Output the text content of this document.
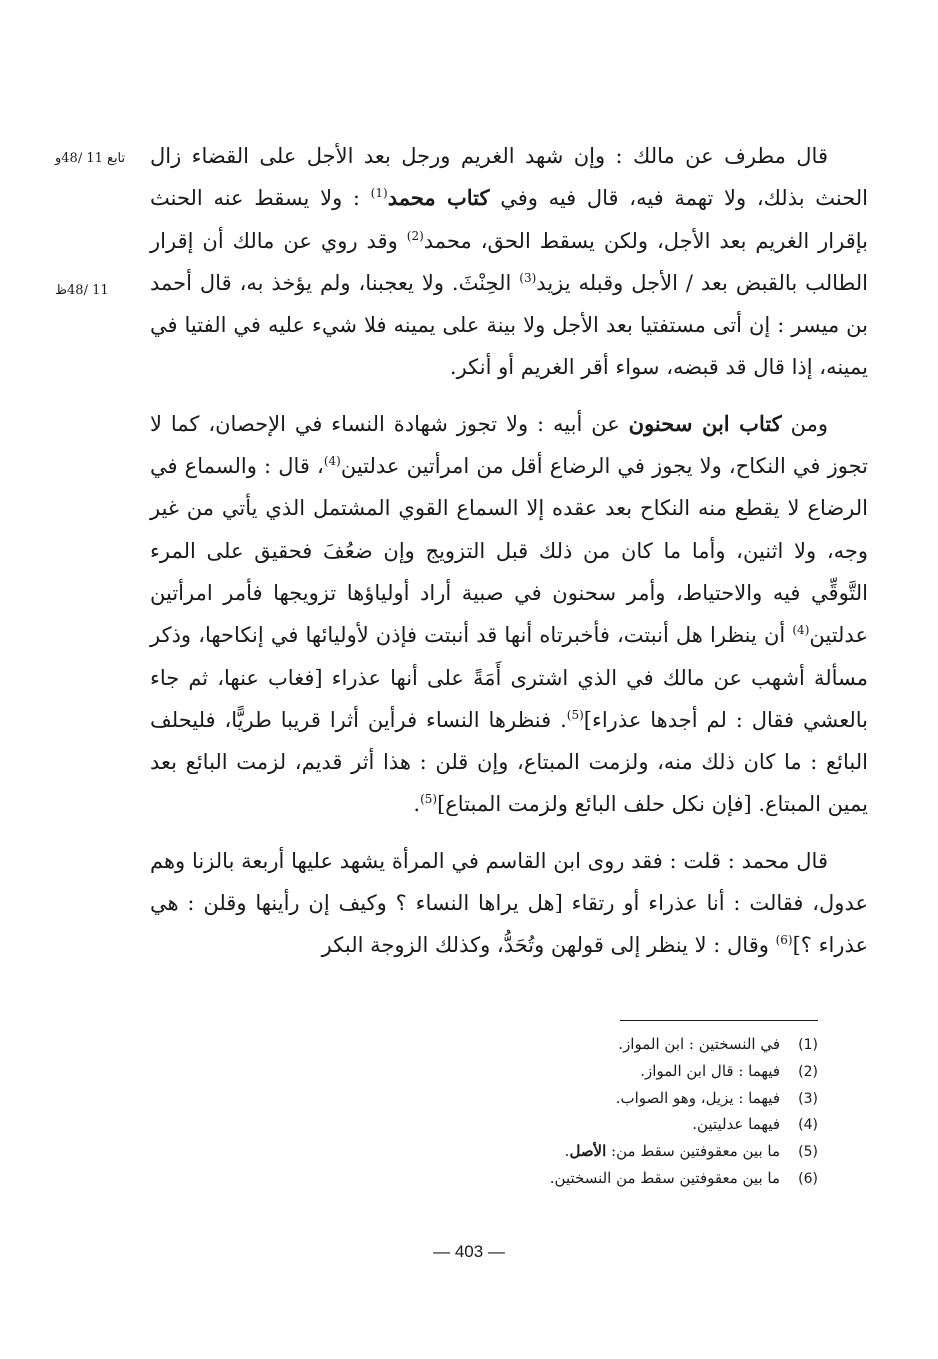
تابع 11 /48و
11 /48ظ

قال مطرف عن مالك : وإن شهد الغريم ورجل بعد الأجل على القضاء زال الحنث بذلك، ولا تهمة فيه، قال فيه وفي كتاب محمد$^{(1)}$ : ولا يسقط عنه الحنث بإقرار الغريم بعد الأجل، ولكن يسقط الحق، محمد$^{(2)}$ وقد روي عن مالك أن إقرار الطالب بالقبض بعد / الأجل وقبله يزيد$^{(3)}$ الحِنْثَ. ولا يعجبنا، ولم يؤخذ به، قال أحمد بن ميسر : إن أتى مستفتيا بعد الأجل ولا بينة على يمينه فلا شيء عليه في الفتيا في يمينه، إذا قال قد قبضه، سواء أقر الغريم أو أنكر.

ومن كتاب ابن سحنون عن أبيه : ولا تجوز شهادة النساء في الإحصان، كما لا تجوز في النكاح، ولا يجوز في الرضاع أقل من امرأتين عدلتين$^{(4)}$، قال : والسماع في الرضاع لا يقطع منه النكاح بعد عقده إلا السماع القوي المشتمل الذي يأتي من غير وجه، ولا اثنين، وأما ما كان من ذلك قبل التزويج وإن ضعُفَ فحقيق على المرء التَّوقِّي فيه والاحتياط، وأمر سحنون في صبية أراد أولياؤها تزويجها فأمر امرأتين عدلتين$^{(4)}$ أن ينظرا هل أنبتت، فأخبرتاه أنها قد أنبتت فإذن لأوليائها في إنكاحها، وذكر مسألة أشهب عن مالك في الذي اشترى أَمَةً على أنها عذراء [فغاب عنها، ثم جاء بالعشي فقال : لم أجدها عذراء]$^{(5)}$. فنظرها النساء فرأين أثرا قريبا طريًّا، فليحلف البائع : ما كان ذلك منه، ولزمت المبتاع، وإن قلن : هذا أثر قديم، لزمت البائع بعد يمين المبتاع. [فإن نكل حلف البائع ولزمت المبتاع]$^{(5)}$.

قال محمد : قلت : فقد روى ابن القاسم في المرأة يشهد عليها أربعة بالزنا وهم عدول، فقالت : أنا عذراء أو رتقاء [هل يراها النساء ؟ وكيف إن رأينها وقلن : هي عذراء ؟]$^{(6)}$ وقال : لا ينظر إلى قولهن وتُحَدُّ، وكذلك الزوجة البكر

(1)
في النسختين : ابن المواز.
(2)
فيهما : قال ابن المواز.
(3)
فيهما : يزيل، وهو الصواب.
(4)
فيهما عدليتين.
(5)
ما بين معقوفتين سقط من: الأصل.
(6)
ما بين معقوفتين سقط من النسختين.
— 403 —
